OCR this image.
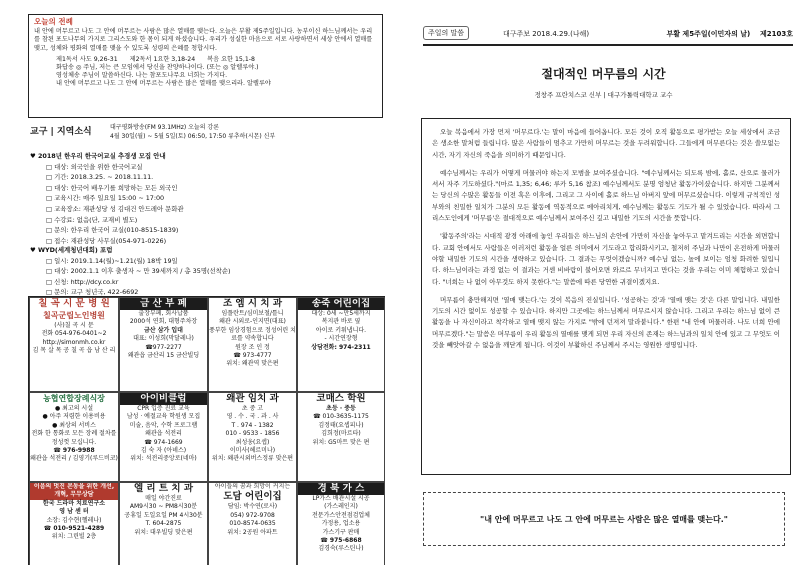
오늘의 전례
내 안에 머무르고 나도 그 안에 머무르는 사람은 많은 열매를 맺는다. 오늘은 부활 제5주일입니다. 농부이신 하느님께서는 우리를 참된 포도나무의 가지로 그리스도와 한 몸이 되게 하셨습니다. 우리가 성실한 마음으로 서로 사랑하면서 세상 안에서 열매를 맺고, 성체와 평화의 열매를 맺을 수 있도록 성령의 은혜를 청합시다.
제1독서 사도 9,26-31 제2독서 1요한 3,18-24 복음 요한 15,1-8
화답송 ◎ 주님, 저는 큰 모임에서 당신을 찬양하나이다. (또는 ◎ 알렐루야.)
영성체송 주님이 말씀하신다. 나는 참포도나무요 너희는 가지다.
내 안에 머무르고 나도 그 안에 머무르는 사람은 많은 열매를 맺으리라. 알렐루야
교구 | 지역소식	대구평화방송(FM 93.1MHz) 오늘의 강론
4월 30일(월) ~ 5월 5일(토) 06:50, 17:50 류추하(시몬) 신부
♥ 2018년 한우리 한국어교실 추경생 모집 안내
□ 대상: 외국인을 위한 한국어교실
□ 기간: 2018.3.25. ~ 2018.11.11.
□ 대상: 한국어 배우기를 희망하는 모든 외국인
□ 교육시간: 매주 일요일 15:00 ~ 17:00
□ 교육장소: 재관성당 성 김대건 안드레아 문화관
□ 수강료: 없음(단, 교재비 별도)
□ 문의: 한우리 한국어 교실(010-8515-1839)
□ 접수: 재관성당 사무실(054-971-0226)
♥ WYD(세계청년대회) 포럼
□ 일시: 2019.1.14(월)~1.21(월) 18박 19일
□ 대상: 2002.1.1 이후 출생자 ~ 만 39세까지 / 총 35명(선착순)
□ 신청: http://dcy.co.kr
□ 문의: 교구 청년국, 422-6692
칠 곡 시 문 병 원
칠곡군립노인병원
(사)칠 곡 시 문
전화 054-976-0401~2
http://simonmh.co.kr
김 목 살 목 공 칠 곡 읍 남 산 리
금 산 부 페
출장부페, 회사납품
2000석 연회, 대형주차장
금산 삼가 입대
대표: 이성희(막달레나)
☎977-2277
왜관읍 금산리 15 금산빌딩
조 엠 시 치 과
임플란트/심미보철/틀니
왜관 시외로-인지면(대표)
풍부한 임상경험으로 정성어린 치료를 약속합니다
원장 조 인 정
☎ 973-4777
위치: 왜관역 맞은편
송죽 어린이집
대상: 0세 ~만5세까지
복지관 바로 옆
아이로 키워냅니다.
- 시간연장형
상담전화: 974-2311
농협연합장례식장
● 최고의 시설
● 아주 저렴한 이용비용
● 최상의 서비스
전화 한 통화로 모든 장례 절차를 정성껏 모십니다.
☎ 976-9988
왜관읍 석전리 / 김영기(루드비코)
아이비클럽
CPR 입증 진료 교육
남성 · 예절교육 학원생 모집
미술, 음악, 수학 프로그램
왜관읍 석전리
☎ 974-1669
김 숙 자 (아녜스)
위치: 석전리중앙로(네마)
왜관 임치 과
초 중 고
영 . 수 . 국 . 과 . 사
T . 974 - 1382
010 - 9533 - 1856
최성웅(요셉)
이미사(헤르미나)
위치: 왜관시외버스정류 맞은편
코매스 학원
초등 · 중등
☎ 010-3635-1175
김정태(요셉피나)
김희정(마르타)
위치: G5마트 맞은 편
이음의 멋진 본동을 위한 개선, 개혁, 무무상담
한국 드라마 치료연구소
영 남 센 터
소장: 김수현(헬레나)
☎ 010-9521-4289
위치: 그린빌 2층
엘 리 트 치 과
매일 야간진료
AM9시30 ~ PM8시30분
공휴일 도일요일 PM 4시30분
T. 604-2875
위치: 대우빌딩 맞은편
아이들의 꿈과 희망이 커지는
도담 어린이집
담임: 박수연(로사)
054) 972-9708
010-8574-0635
위치: 2공원 아파트
경 북 가 스
LP가스 배관시설 시공
(가스레인지)
전문가스안전점검업체
가정용, 업소용
가스기구 판매
☎ 975-6868
김경숙(루스틴나)
주일의 말씀	대구주보 2018.4.29.(나해)	부활 제5주일(이민자의 날) 제2103호
절대적인 머무름의 시간
정창주 프란치스코 신부 | 대구가톨릭대학교 교수

오늘 복음에서 가장 먼저 '머무르다.'는 말이 마음에 들어옵니다. 모든 것이 오직 활동으로 평가받는 오늘 세상에서 조금은 생소한 말처럼 들립니다. 많은 사람들이 멈추고 가만히 머무르는 것을 두려워합니다. 그들에게 머무른다는 것은 쓸모없는 시간, 자기 자신의 죽음을 의미하기 때문입니다.

예수님께서는 우리가 어떻게 머물러야 하는지 모범을 보여주셨습니다. "예수님께서는 되도록 밤에, 홀로, 산으로 물러가셔서 자주 기도하셨다."(마르 1,35; 6,46; 루카 5,16 참조) 예수님께서도 분명 엄청난 활동가이셨습니다. 하지만 그분께서는 당신의 수많은 활동들 이전 혹은 이후에, 그리고 그 사이에 홀로 하느님 아버지 앞에 머무르셨습니다. 이렇게 규칙적인 성부와의 친밀한 일치가 그분의 모든 활동에 역동적으로 메아리치게, 예수님께는 활동도 기도가 될 수 있었습니다. 따라서 그리스도인에게 '머무름'은 절대적으로 예수님께서 보여주신 깊고 내밀한 기도의 시간을 뜻합니다.

'활동주의'라는 시대적 광경 아래에 놓인 우리들은 하느님의 손안에 가만히 자신을 놓아두고 맡겨드리는 시간을 외면합니다. 교회 안에서도 사람들은 이러저런 활동을 얼른 의미에서 기도라고 합리화시키고, 철저히 주님과 나만이 온전하게 머물러야할 내밀한 기도의 시간을 생략하고 있습니다. 그 결과는 무엇이겠습니까? 예수님 없는, 높에 보이는 엄청 화려한 일입니다. 하느님이라는 과정 없는 이 결과는 거센 비바람이 불어오면 와르르 무너지고 만다는 것을 우리는 이미 체험하고 있습니다. "너희는 나 없이 아무것도 하지 못한다."는 말씀에 따른 당연한 귀결이겠지요.

머무름이 충만해지면 '열매 맺는다.'는 것이 복음의 진실입니다. '성공하는 것'과 '열매 맺는 것'은 다른 말입니다. 내밀한 기도의 시간 없이도 성공할 수 있습니다. 하지만 그곳에는 하느님께서 머무르시지 않습니다. 그리고 우리는 하느님 없이 큰 활동을 나 자신이라고 착각하고 열매 맺지 않는 가지로 "밖에 던져져 말라붙니다." 한편 "내 안에 머물러라. 나도 너희 안에 머무르겠다."는 말씀은 머무름이 우리 활동의 열매를 맺게 되면 우리 자신의 존재는 하느님과의 일치 안에 있고 그 무엇도 이것을 빼앗아갈 수 없음을 깨닫게 됩니다. 이것이 부활하신 주님께서 주시는 영원한 생명입니다.

"내 안에 머무르고 나도 그 안에 머무르는 사람은 많은 열매를 맺는다."
